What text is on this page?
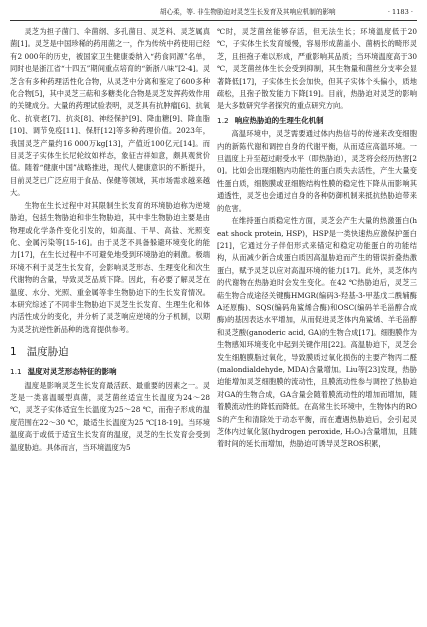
胡心柔，等. 非生物胁迫对灵芝生长发育及其响应机制的影响	· 1183 ·

灵芝为担子菌门、伞菌纲、多孔菌目、灵芝科、灵芝属真菌[1]。灵芝是中国珍稀的药用菌之一，作为传统中药使用已经有2 000年的历史，被国家卫生健康委纳入“药食同源”名单，同时也是浙江省“十四五”期间重点培育的“新浙八味”[2-4]。灵芝含有多种药理活性化合物，从灵芝中分离和鉴定了600多种化合物[5]，其中灵芝三萜和多糖类化合物是灵芝发挥药效作用的关键成分。大量的药理试验表明，灵芝具有抗肿瘤[6]、抗氧化、抗衰老[7]、抗炎[8]、神经保护[9]、降血糖[9]、降血脂[10]、调节免疫[11]、保肝[12]等多种药理价值。2023年，我国灵芝产量约16 000万kg[13]，产值近100亿元[14]。而目灵芝子实体生长尼轮纹如样态，象征吉祥如意，颇具观赏价值。随着“健康中国”战略推进，现代人健康意识的不断提升，目前灵芝已广泛应用于食品、保健等领域，其市场需求越来越大。

生物在生长过程中对其限制生长发育的环境胁迫称为逆境胁迫，包括生物胁迫和非生物胁迫，其中非生物胁迫主要是由物理或化学条件变化引发的，如高温、干旱、高盐、光照变化、金属污染等[15-16]。由于灵芝不具备躲避环境变化的能力[17]，在生长过程中不可避免地受到环境胁迫的刺激。极端环境不利于灵芝生长发育，会影响灵芝形态、生理变化和次生代谢物的含量，导致灵芝品质下降。因此，有必要了解灵芝在温度、水分、光照、重金属等非生物胁迫下的生长发育情况。本研究综述了不同非生物胁迫下灵芝生长发育、生理生化和体内活性成分的变化，并分析了灵芝响应逆境的分子机制，以期为灵芝抗逆性新品种的选育提供参考。

1 温度胁迫
1.1 温度对灵芝形态特征的影响

温度是影响灵芝生长发育最活跃、最重要的因素之一。灵芝是一类喜温暖型真菌，灵芝菌丝适宜生长温度为24～28 ℃，灵芝子实体适宜生长温度为25～28 ℃，而孢子形成的温度范围在22～30 ℃，最适生长温度为25 ℃[18-19]。当环境温度高于或低于适宜生长发育的温度，灵芝的生长发育会受到温度胁迫。具体而言，当环境温度为5

℃时，灵芝菌丝能够存活，但无法生长；环境温度低于20 ℃，子实体生长发育缓慢，容易形成菌盖小、菌柄长的畸形灵芝，且担孢子难以形成，严重影响其品质；当环境温度高于30 ℃，灵芝菌丝体生长会受到抑制，其生物量和菌丝分支率会显著降低[17]，子实体生长会加快，但其子实体个头偏小，质地疏松，且孢子散发能力下降[19]。目前，热胁迫对灵芝的影响是大多数研究学者探究的重点研究方向。

1.2 响应热胁迫的生理生化机制

高温环境中，灵芝需要通过体内热信号的传递来改变细胞内的新陈代谢和调控自身的代谢平衡，从而适应高温环境。一旦温度上升至超过耐受水平（即热胁迫），灵芝将会经历热害[20]。比如会出现细胞内功能性的蛋白质失去活性，产生大量变性蛋白质，细胞膜或亚细胞结构性膜的稳定性下降从而影响其通透性，灵芝也会通过自身的各种防御机制来抵抗热胁迫带来的危害。

在维持蛋白质稳定性方面，灵芝会产生大量的热激蛋白(heat shock protein, HSP)，HSP是一类快速热应激保护蛋白[21]，它通过分子伴侣形式来锚定和稳定功能蛋白的功能结构，从而减少新合成蛋白质因高温胁迫而产生的错误折叠热激蛋白，赋予灵芝以应对高温环境的能力[17]。此外，灵芝体内的代谢物在热胁迫时会发生变化。在42 ℃热胁迫后，灵芝三萜生物合成途径关键酶HMGR(编码3-羟基-3-甲基戊二酰辅酶A还原酶)、SQS(编码角鲨烯合酶)和OSC(编码羊毛甾醇合成酶)的基因表达水平增加，从而促进灵芝体内角鲨烯、羊毛甾醇和灵芝酸(ganoderic acid, GA)的生物合成[17]。细胞膜作为生物感知环境变化中起到关键作用[22]。高温胁迫下，灵芝会发生细胞膜脂过氧化，导致膜质过氧化损伤的主要产物丙二醛(malondialdehyde, MDA)含量增加。Liu等[23]发现，热胁迫能增加灵芝细胞膜的流动性，且膜流动性参与调控了热胁迫对GA的生物合成，GA含量会随着膜流动性的增加而增加，随着膜流动性的降低而降低。在高常生长环境中，生物体内的ROS的产生和清除处于动态平衡，而在遭遇热胁迫后，会引起灵芝体内过氧化氢(hydrogen peroxide, H₂O₂)含量增加，且随着时间的延长而增加，热胁迫可诱导灵芝ROS积累，
